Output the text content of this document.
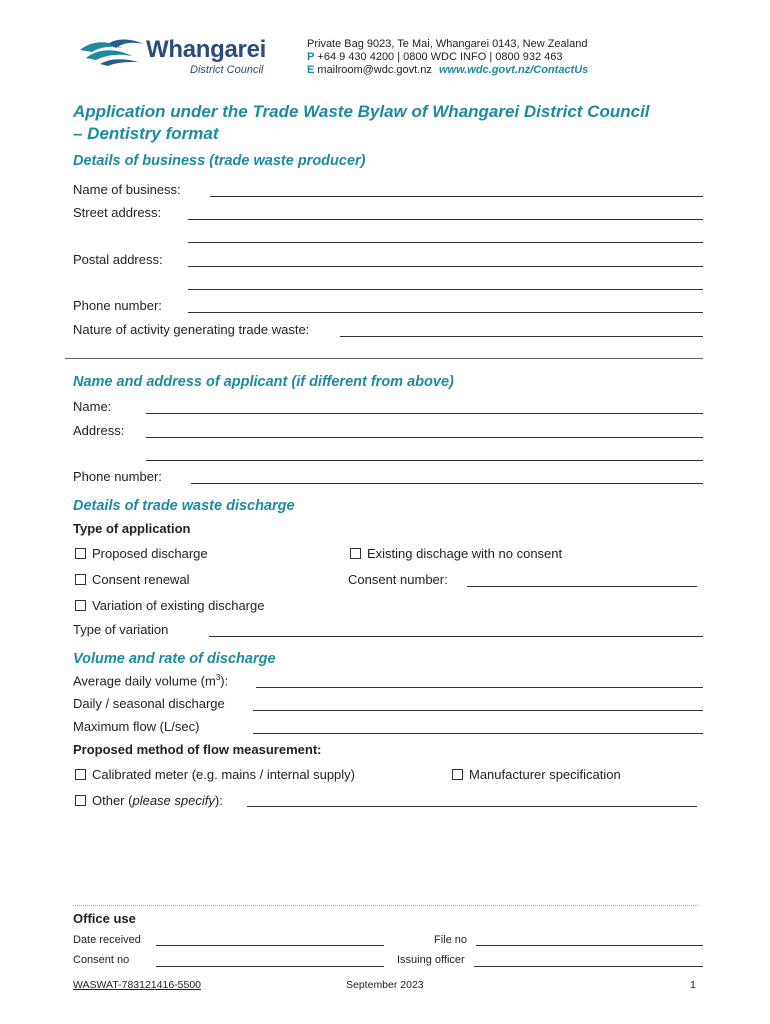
Whangarei
District Council
Private Bag 9023, Te Mai, Whangarei 0143, New Zealand
P +64 9 430 4200 | 0800 WDC INFO | 0800 932 463
E mailroom@wdc.govt.nz www.wdc.govt.nz/ContactUs
Application under the Trade Waste Bylaw of Whangarei District Council
– Dentistry format
Details of business (trade waste producer)
Name of business:
Street address:
Postal address:
Phone number:
Nature of activity generating trade waste:
Name and address of applicant (if different from above)
Name:
Address:
Phone number:
Details of trade waste discharge
Type of application
Proposed discharge	Existing dischage with no consent
Consent renewal	Consent number:
Variation of existing discharge
Type of variation
Volume and rate of discharge
Average daily volume $(m^3)$:
Daily / seasonal discharge
Maximum flow (L/sec)
Proposed method of flow measurement:
Calibrated meter (e.g. mains / internal supply)	Manufacturer specification
Other (please specify):
Office use
Date received	File no
Consent no	Issuing officer
WASWAT-783121416-5500	September 2023	1
